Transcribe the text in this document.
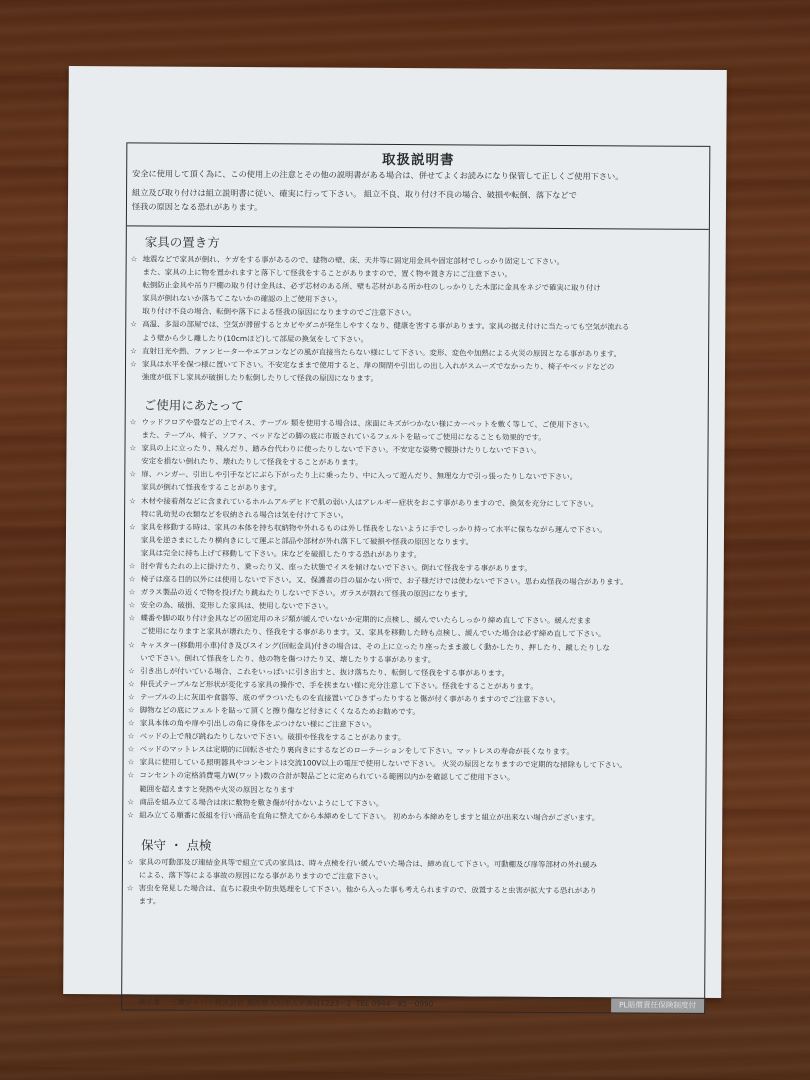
取扱説明書
安全に使用して頂く為に、この使用上の注意とその他の説明書がある場合は、併せてよくお読みになり保管して正しくご使用下さい。
組立及び取り付けは組立説明書に従い、確実に行って下さい。 組立不良、取り付け不良の場合、破損や転倒、落下などで
怪我の原因となる恐れがあります。
家具の置き方
☆ 地震などで家具が倒れ、ケガをする事があるので、建物の壁、床、天井等に固定用金具や固定部材でしっかり固定して下さい。
また、家具の上に物を置かれますと落下して怪我をすることがありますので、置く物や置き方にご注意下さい。
転倒防止金具や吊り戸棚の取り付け金具は、必ず芯材のある所、壁も芯材がある所か柱のしっかりした木部に金具をネジで確実に取り付け
家具が倒れないか落ちてこないかの確認の上ご使用下さい。
取り付け不良の場合、転倒や落下による怪我の原因になりますのでご注意下さい。
☆ 高温、多湿の部屋では、空気が滞留するとカビやダニが発生しやすくなり、健康を害する事があります。家具の据え付けに当たっても空気が流れる
よう壁から少し離したり(10cmほど)して部屋の換気をして下さい。
☆ 直射日光や熱、ファンヒーターやエアコンなどの風が直接当たらない様にして下さい。変形、変色や加熱による火災の原因となる事があります。
☆ 家具は水平を保つ様に置いて下さい。不安定なままで使用すると、扉の開閉や引出しの出し入れがスムーズでなかったり、椅子やベッドなどの
強度が低下し家具が破損したり転倒したりして怪我の原因になります。
ご使用にあたって
☆ ウッドフロアや畳などの上でイス、テーブル 類を使用する場合は、床面にキズがつかない様にカーペットを敷く等して、ご使用下さい。
また、テーブル、椅子、ソファ、ベッドなどの脚の底に市販されているフェルトを貼ってご使用になることも効果的です。
☆ 家具の上に立ったり、飛んだり、踏み台代わりに使ったりしないで下さい。不安定な姿勢で腰掛けたりしないで下さい。
安定を損ない倒れたり、壊れたりして怪我をすることがあります。
☆ 扉、ハンガー、引出しや引手などにぶら下がったり上に乗ったり、中に入って遊んだり、無理な力で引っ張ったりしないで下さい。
家具が倒れて怪我をすることがあります。
☆ 木材や接着剤などに含まれているホルムアルデヒドで肌の弱い人はアレルギー症状をおこす事がありますので、換気を充分にして下さい。
特に乳幼児の衣類などを収納される場合は気を付けて下さい。
☆ 家具を移動する時は、家具の本体を持ち収納物や外れるものは外し怪我をしないように手でしっかり持って水平に保ちながら運んで下さい。
家具を逆さまにしたり横向きにして運ぶと部品や部材が外れ落下して破損や怪我の原因となります。
家具は完全に持ち上げて移動して下さい。床などを破損したりする恐れがあります。
☆ 肘や背もたれの上に掛けたり、乗ったり又、座った状態でイスを傾けないで下さい。倒れて怪我をする事があります。
☆ 椅子は座る目的以外には使用しないで下さい。又、保護者の目の届かない所で、お子様だけでは使わないで下さい。思わぬ怪我の場合があります。
☆ ガラス製品の近くで物を投げたり跳ねたりしないで下さい。ガラスが割れて怪我の原因になります。
☆ 安全の為、破損、変形した家具は、使用しないで下さい。
☆ 蝶番や脚の取り付け金具などの固定用のネジ類が緩んでいないか定期的に点検し、緩んでいたらしっかり締め直して下さい。緩んだまま
ご使用になりますと家具が壊れたり、怪我をする事があります。又、家具を移動した時も点検し、緩んでいた場合は必ず締め直して下さい。
☆ キャスター(移動用小車)付き及びスイング(回転金具)付きの場合は、その上に立ったり座ったまま激しく動かしたり、押したり、蹴したりしな
いで下さい。倒れて怪我をしたり、他の物を傷つけたり又、壊したりする事があります。
☆ 引き出しが付いている場合、これをいっぱいに引き出すと、抜け落ちたり、転倒して怪我をする事があります。
☆ 伸長式テーブルなど形状が変化する家具の操作で、手を挟まない様に充分注意して下さい。怪我をすることがあります。
☆ テーブルの上に灰皿や食器等、底のザラついたものを直接置いてひきずったりすると傷が付く事がありますのでご注意下さい。
☆ 脚物などの底にフェルトを貼って頂くと擦り傷など付きにくくなるためお勧めです。
☆ 家具本体の角や扉や引出しの角に身体をぶつけない様にご注意下さい。
☆ ベッドの上で飛び跳ねたりしないで下さい。破損や怪我をすることがあります。
☆ ベッドのマットレスは定期的に回転させたり裏向きにするなどのローテーションをして下さい。マットレスの寿命が長くなります。
☆ 家具に使用している照明器具やコンセントは交流100V以上の電圧で使用しないで下さい。 火災の原因となりますので定期的な掃除もして下さい。
☆ コンセントの定格消費電力W(ワット)数の合計が製品ごとに定められている範囲以内かを確認してご使用下さい。
範囲を超えますと発熱や火災の原因となります
☆ 商品を組み立てる場合は床に敷物を敷き傷が付かないようにして下さい。
☆ 組み立てる順番に仮組を行い商品を直角に整えてから本締めをして下さい。 初めから本締めをしますと組立が出来ない場合がございます。
保守 ・ 点検
☆ 家具の可動部及び連結金具等で組立て式の家具は、時々点検を行い緩んでいた場合は、締め直して下さい。可動棚及び扉等部材の外れ緩み
による、落下等による事故の原因になる事がありますのでご注意下さい。
☆ 害虫を発見した場合は、直ちに殺虫や防虫処理をして下さい。他から入った事も考えられますので、放置すると虫害が拡大する恐れがあり
ます。
表示者 三環ジャパン株式会社 福岡県大川市大字酒見1223－2 TEL 0944－85－0990	PL賠償責任保険制度付
